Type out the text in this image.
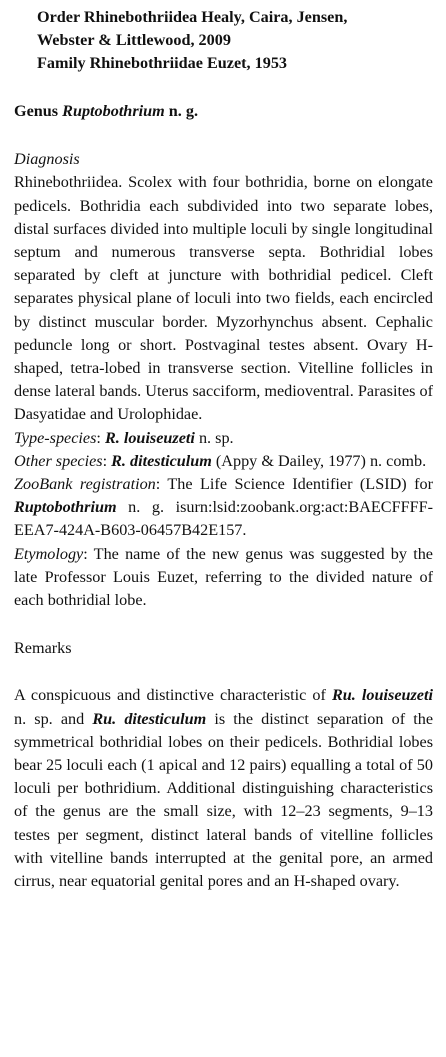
Order Rhinebothriidea Healy, Caira, Jensen,
Webster & Littlewood, 2009
Family Rhinebothriidae Euzet, 1953
Genus Ruptobothrium n. g.
Diagnosis
Rhinebothriidea. Scolex with four bothridia, borne on elongate pedicels. Bothridia each subdivided into two separate lobes, distal surfaces divided into multiple loculi by single longitudinal septum and numerous transverse septa. Bothridial lobes separated by cleft at juncture with bothridial pedicel. Cleft separates physical plane of loculi into two fields, each encircled by distinct muscular border. Myzorhynchus absent. Cephalic peduncle long or short. Postvaginal testes absent. Ovary H-shaped, tetra-lobed in transverse section. Vitelline follicles in dense lateral bands. Uterus sacciform, medioventral. Parasites of Dasyatidae and Urolophidae.
Type-species: R. louiseuzeti n. sp.
Other species: R. ditesticulum (Appy & Dailey, 1977) n. comb.
ZooBank registration: The Life Science Identifier (LSID) for Ruptobothrium n. g. isurn:lsid:zoobank.org:act:BAECFFFF-EEA7-424A-B603-06457B42E157.
Etymology: The name of the new genus was suggested by the late Professor Louis Euzet, referring to the divided nature of each bothridial lobe.
Remarks
A conspicuous and distinctive characteristic of Ru. louiseuzeti n. sp. and Ru. ditesticulum is the distinct separation of the symmetrical bothridial lobes on their pedicels. Bothridial lobes bear 25 loculi each (1 apical and 12 pairs) equalling a total of 50 loculi per bothridium. Additional distinguishing characteristics of the genus are the small size, with 12–23 segments, 9–13 testes per segment, distinct lateral bands of vitelline follicles with vitelline bands interrupted at the genital pore, an armed cirrus, near equatorial genital pores and an H-shaped ovary.
